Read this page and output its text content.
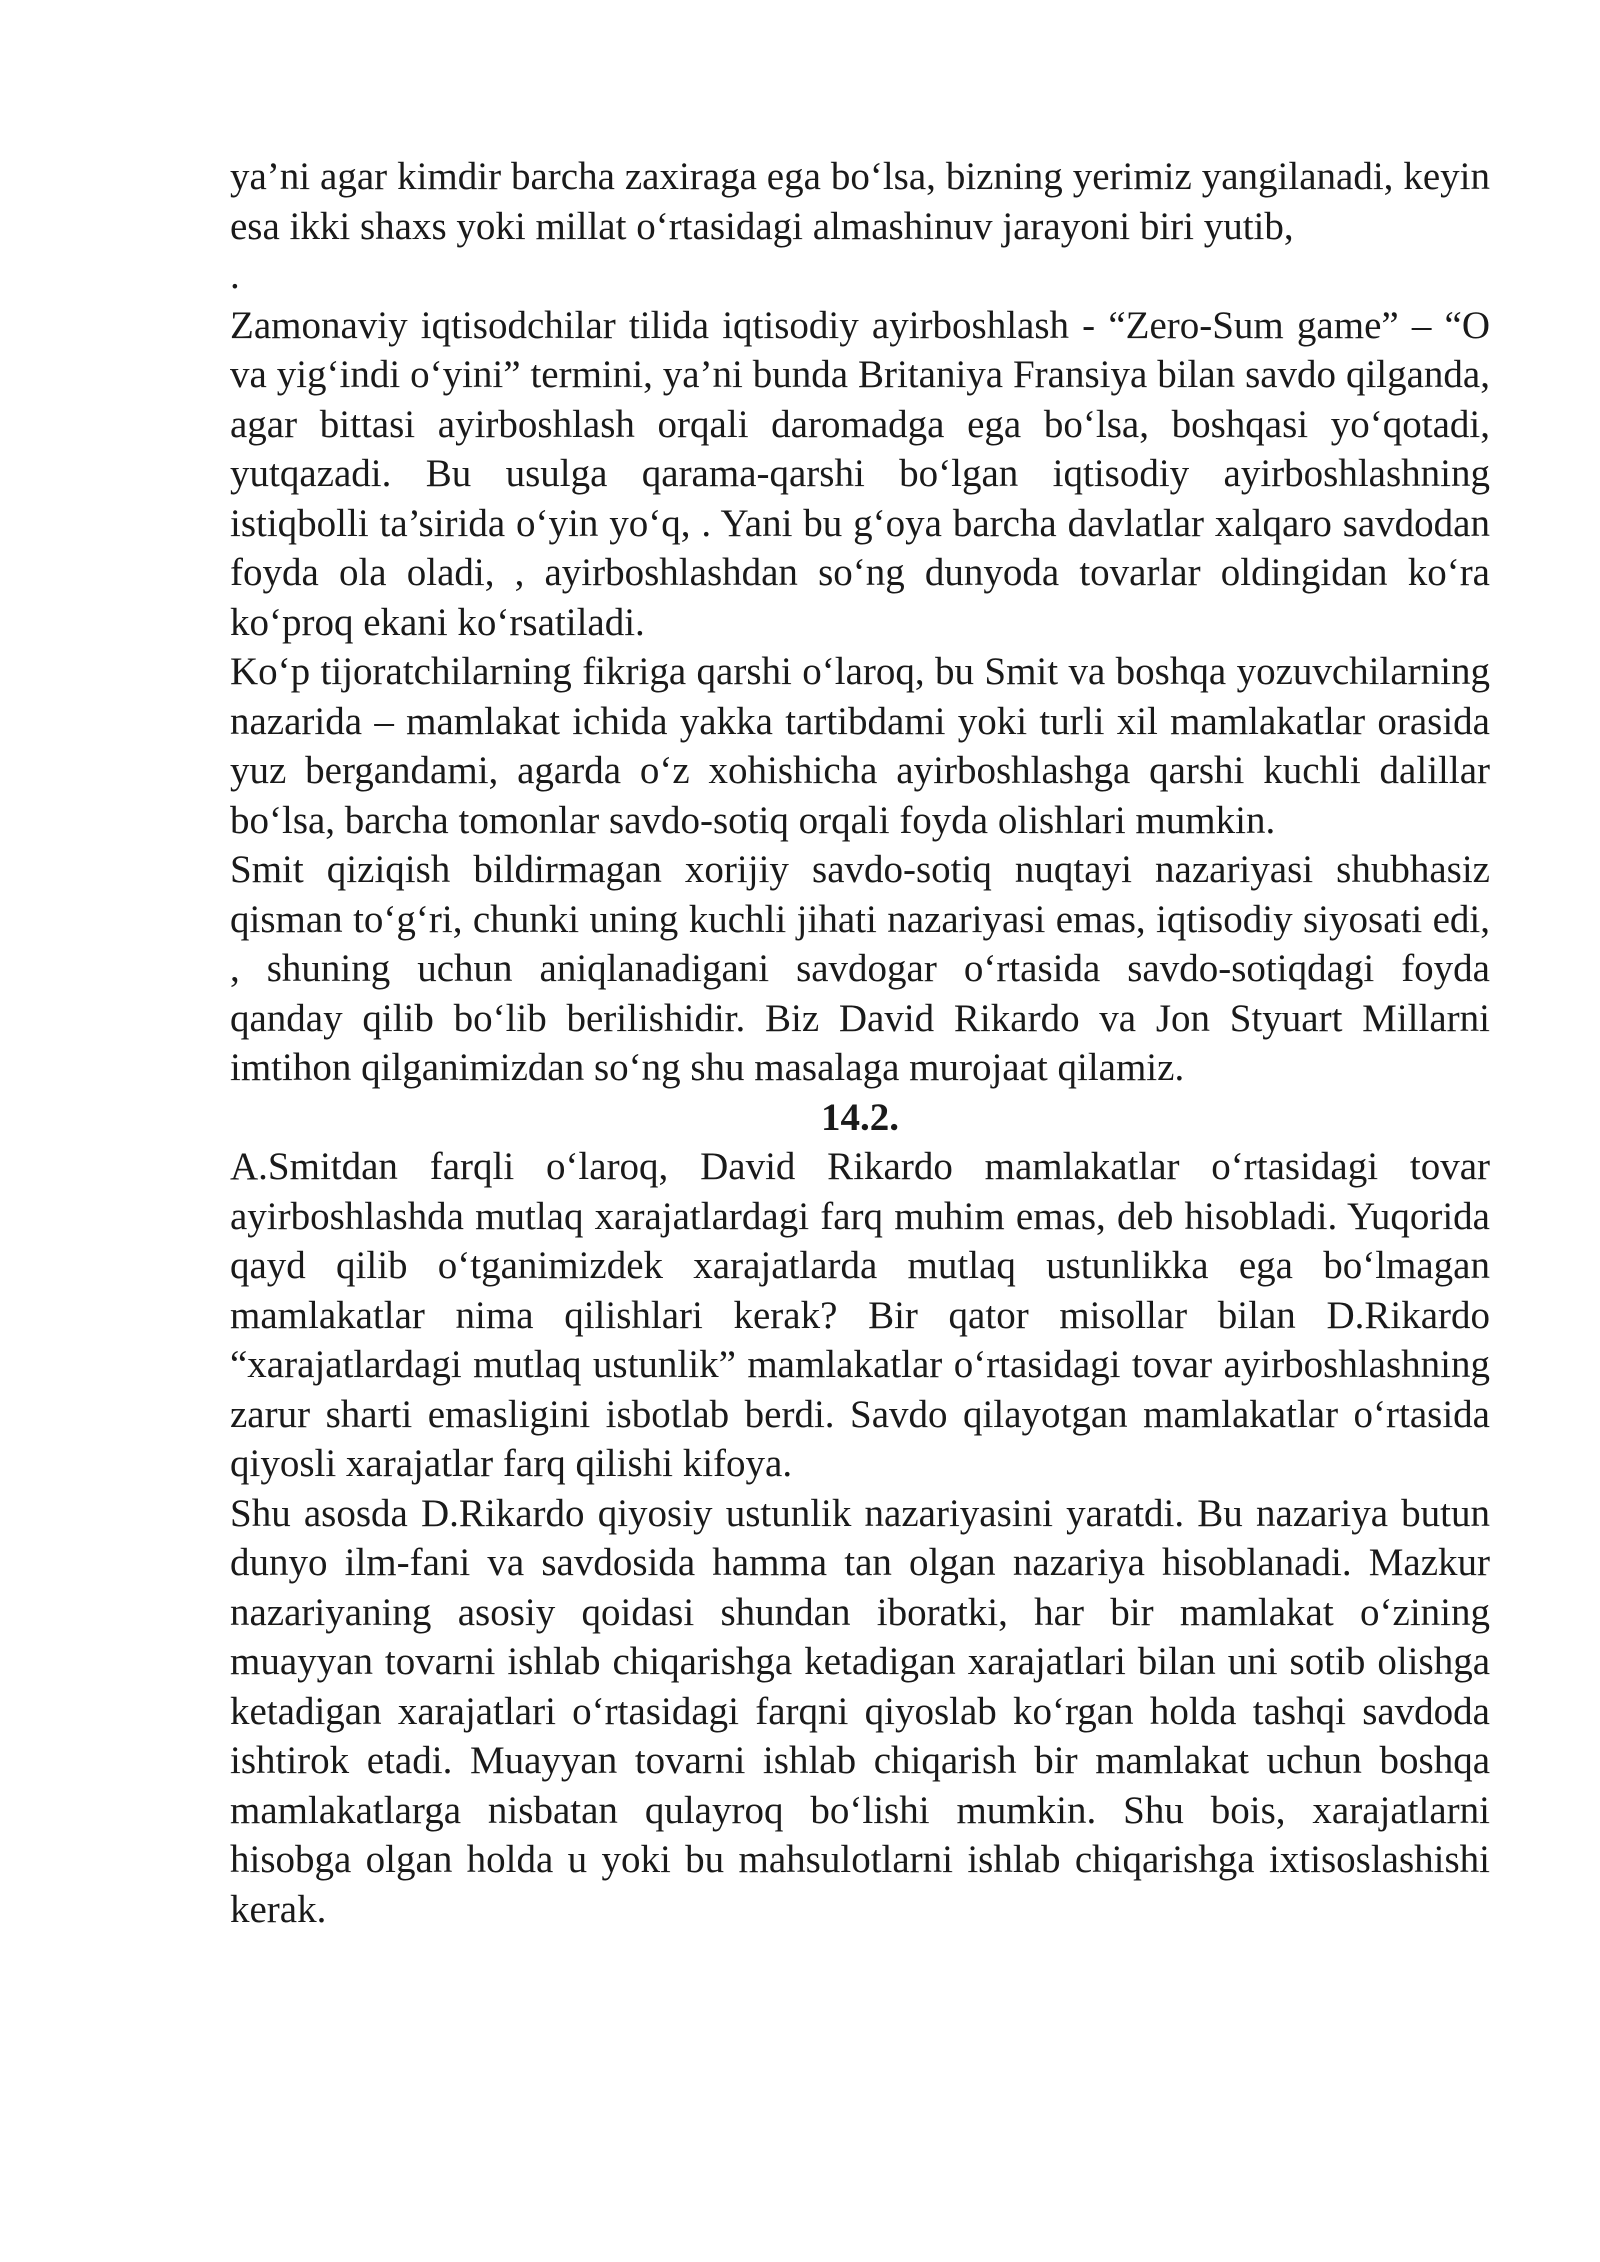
ya’ni agar kimdir barcha zaxiraga ega bo‘lsa, bizning yerimiz yangilanadi, keyin esa ikki shaxs yoki millat o‘rtasidagi almashinuv jarayoni biri yutib,

.

Zamonaviy iqtisodchilar tilida iqtisodiy ayirboshlash - “Zero-Sum game” – “O va yig‘indi o‘yini” termini, ya’ni bunda Britaniya Fransiya bilan savdo qilganda, agar bittasi ayirboshlash orqali daromadga ega bo‘lsa, boshqasi yo‘qotadi, yutqazadi. Bu usulga qarama-qarshi bo‘lgan iqtisodiy ayirboshlashning istiqbolli ta’sirida o‘yin yo‘q, . Yani bu g‘oya barcha davlatlar xalqaro savdodan foyda ola oladi, , ayirboshlashdan so‘ng dunyoda tovarlar oldingidan ko‘ra ko‘proq ekani ko‘rsatiladi.

Ko‘p tijoratchilarning fikriga qarshi o‘laroq, bu Smit va boshqa yozuvchilarning nazarida – mamlakat ichida yakka tartibdami yoki turli xil mamlakatlar orasida yuz bergandami, agarda o‘z xohishicha ayirboshlashga qarshi kuchli dalillar bo‘lsa, barcha tomonlar savdo-sotiq orqali foyda olishlari mumkin.

Smit qiziqish bildirmagan xorijiy savdo-sotiq nuqtayi nazariyasi shubhasiz qisman to‘g‘ri, chunki uning kuchli jihati nazariyasi emas, iqtisodiy siyosati edi, , shuning uchun aniqlanadigani savdogar o‘rtasida savdo-sotiqdagi foyda qanday qilib bo‘lib berilishidir. Biz David Rikardo va Jon Styuart Millarni imtihon qilganimizdan so‘ng shu masalaga murojaat qilamiz.

14.2.

A.Smitdan farqli o‘laroq, David Rikardo mamlakatlar o‘rtasidagi tovar ayirboshlashda mutlaq xarajatlardagi farq muhim emas, deb hisobladi. Yuqorida qayd qilib o‘tganimizdek xarajatlarda mutlaq ustunlikka ega bo‘lmagan mamlakatlar nima qilishlari kerak? Bir qator misollar bilan D.Rikardo “xarajatlardagi mutlaq ustunlik” mamlakatlar o‘rtasidagi tovar ayirboshlashning zarur sharti emasligini isbotlab berdi. Savdo qilayotgan mamlakatlar o‘rtasida qiyosli xarajatlar farq qilishi kifoya.

Shu asosda D.Rikardo qiyosiy ustunlik nazariyasini yaratdi. Bu nazariya butun dunyo ilm-fani va savdosida hamma tan olgan nazariya hisoblanadi. Mazkur nazariyaning asosiy qoidasi shundan iboratki, har bir mamlakat o‘zining muayyan tovarni ishlab chiqarishga ketadigan xarajatlari bilan uni sotib olishga ketadigan xarajatlari o‘rtasidagi farqni qiyoslab ko‘rgan holda tashqi savdoda ishtirok etadi. Muayyan tovarni ishlab chiqarish bir mamlakat uchun boshqa mamlakatlarga nisbatan qulayroq bo‘lishi mumkin. Shu bois, xarajatlarni hisobga olgan holda u yoki bu mahsulotlarni ishlab chiqarishga ixtisoslashishi kerak.
